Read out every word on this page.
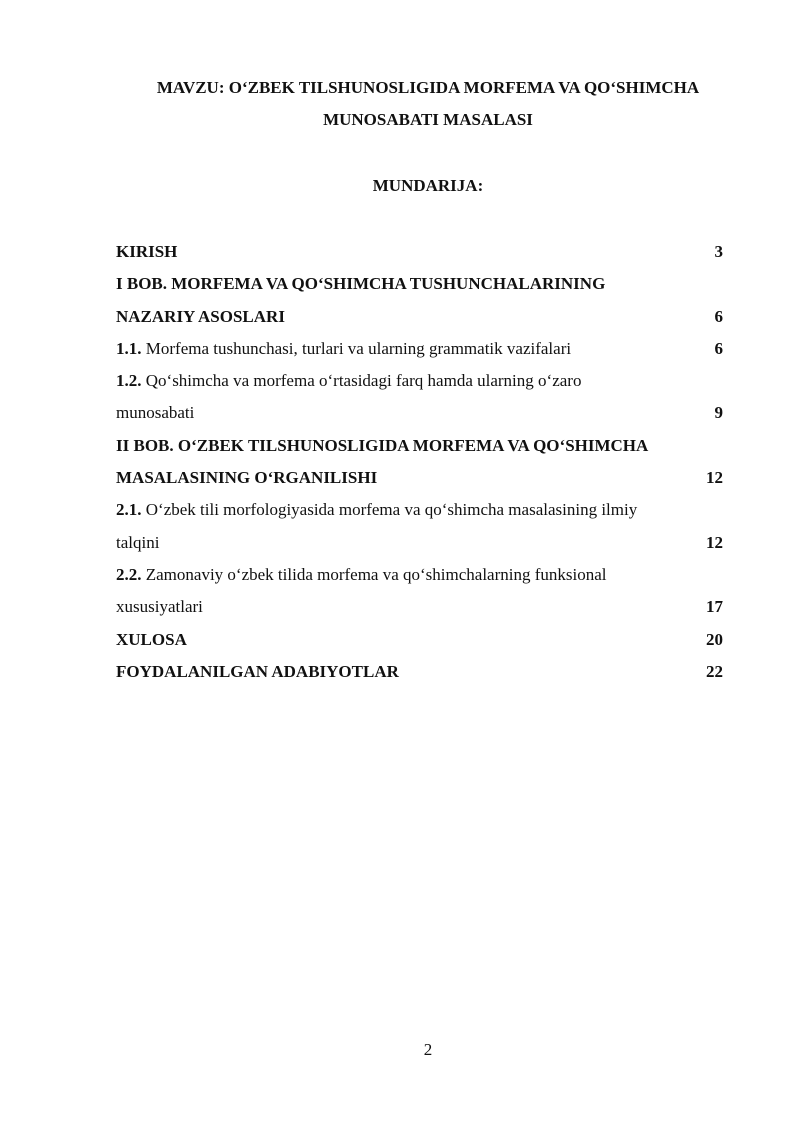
MAVZU: O‘ZBEK TILSHUNOSLIGIDA MORFEMA VA QO‘SHIMCHA
MUNOSABATI MASALASI
MUNDARIJA:
KIRISH	3
I BOB. MORFEMA VA QO‘SHIMCHA TUSHUNCHALARINING
NAZARIY ASOSLARI	6
1.1. Morfema tushunchasi, turlari va ularning grammatik vazifalari	6
1.2. Qo‘shimcha va morfema o‘rtasidagi farq hamda ularning o‘zaro
munosabati	9
II BOB. O‘ZBEK TILSHUNOSLIGIDA MORFEMA VA QO‘SHIMCHA
MASALASINING O‘RGANILISHI	12
2.1. O‘zbek tili morfologiyasida morfema va qo‘shimcha masalasining ilmiy
talqini	12
2.2. Zamonaviy o‘zbek tilida morfema va qo‘shimchalarning funksional
xususiyatlari	17
XULOSA	20
FOYDALANILGAN ADABIYOTLAR	22
2
